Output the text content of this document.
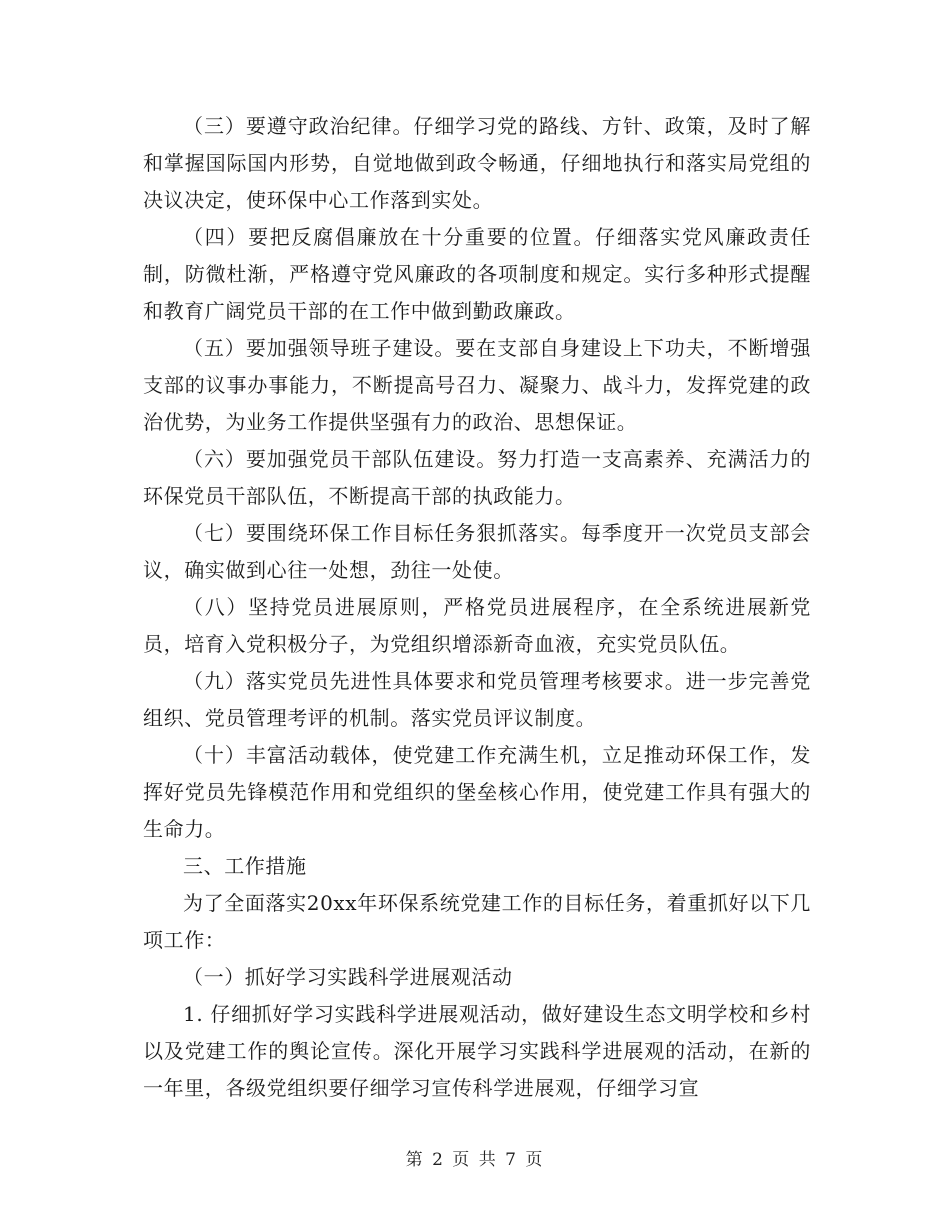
（三）要遵守政治纪律。仔细学习党的路线、方针、政策，及时了解和掌握国际国内形势，自觉地做到政令畅通，仔细地执行和落实局党组的决议决定，使环保中心工作落到实处。

（四）要把反腐倡廉放在十分重要的位置。仔细落实党风廉政责任制，防微杜渐，严格遵守党风廉政的各项制度和规定。实行多种形式提醒和教育广阔党员干部的在工作中做到勤政廉政。

（五）要加强领导班子建设。要在支部自身建设上下功夫，不断增强支部的议事办事能力，不断提高号召力、凝聚力、战斗力，发挥党建的政治优势，为业务工作提供坚强有力的政治、思想保证。

（六）要加强党员干部队伍建设。努力打造一支高素养、充满活力的环保党员干部队伍，不断提高干部的执政能力。

（七）要围绕环保工作目标任务狠抓落实。每季度开一次党员支部会议，确实做到心往一处想，劲往一处使。

（八）坚持党员进展原则，严格党员进展程序，在全系统进展新党员，培育入党积极分子，为党组织增添新奇血液，充实党员队伍。

（九）落实党员先进性具体要求和党员管理考核要求。进一步完善党组织、党员管理考评的机制。落实党员评议制度。

（十）丰富活动载体，使党建工作充满生机，立足推动环保工作，发挥好党员先锋模范作用和党组织的堡垒核心作用，使党建工作具有强大的生命力。

三、工作措施

为了全面落实20xx年环保系统党建工作的目标任务，着重抓好以下几项工作：

（一）抓好学习实践科学进展观活动

1. 仔细抓好学习实践科学进展观活动，做好建设生态文明学校和乡村以及党建工作的舆论宣传。深化开展学习实践科学进展观的活动，在新的一年里，各级党组织要仔细学习宣传科学进展观，仔细学习宣

第 2 页 共 7 页
